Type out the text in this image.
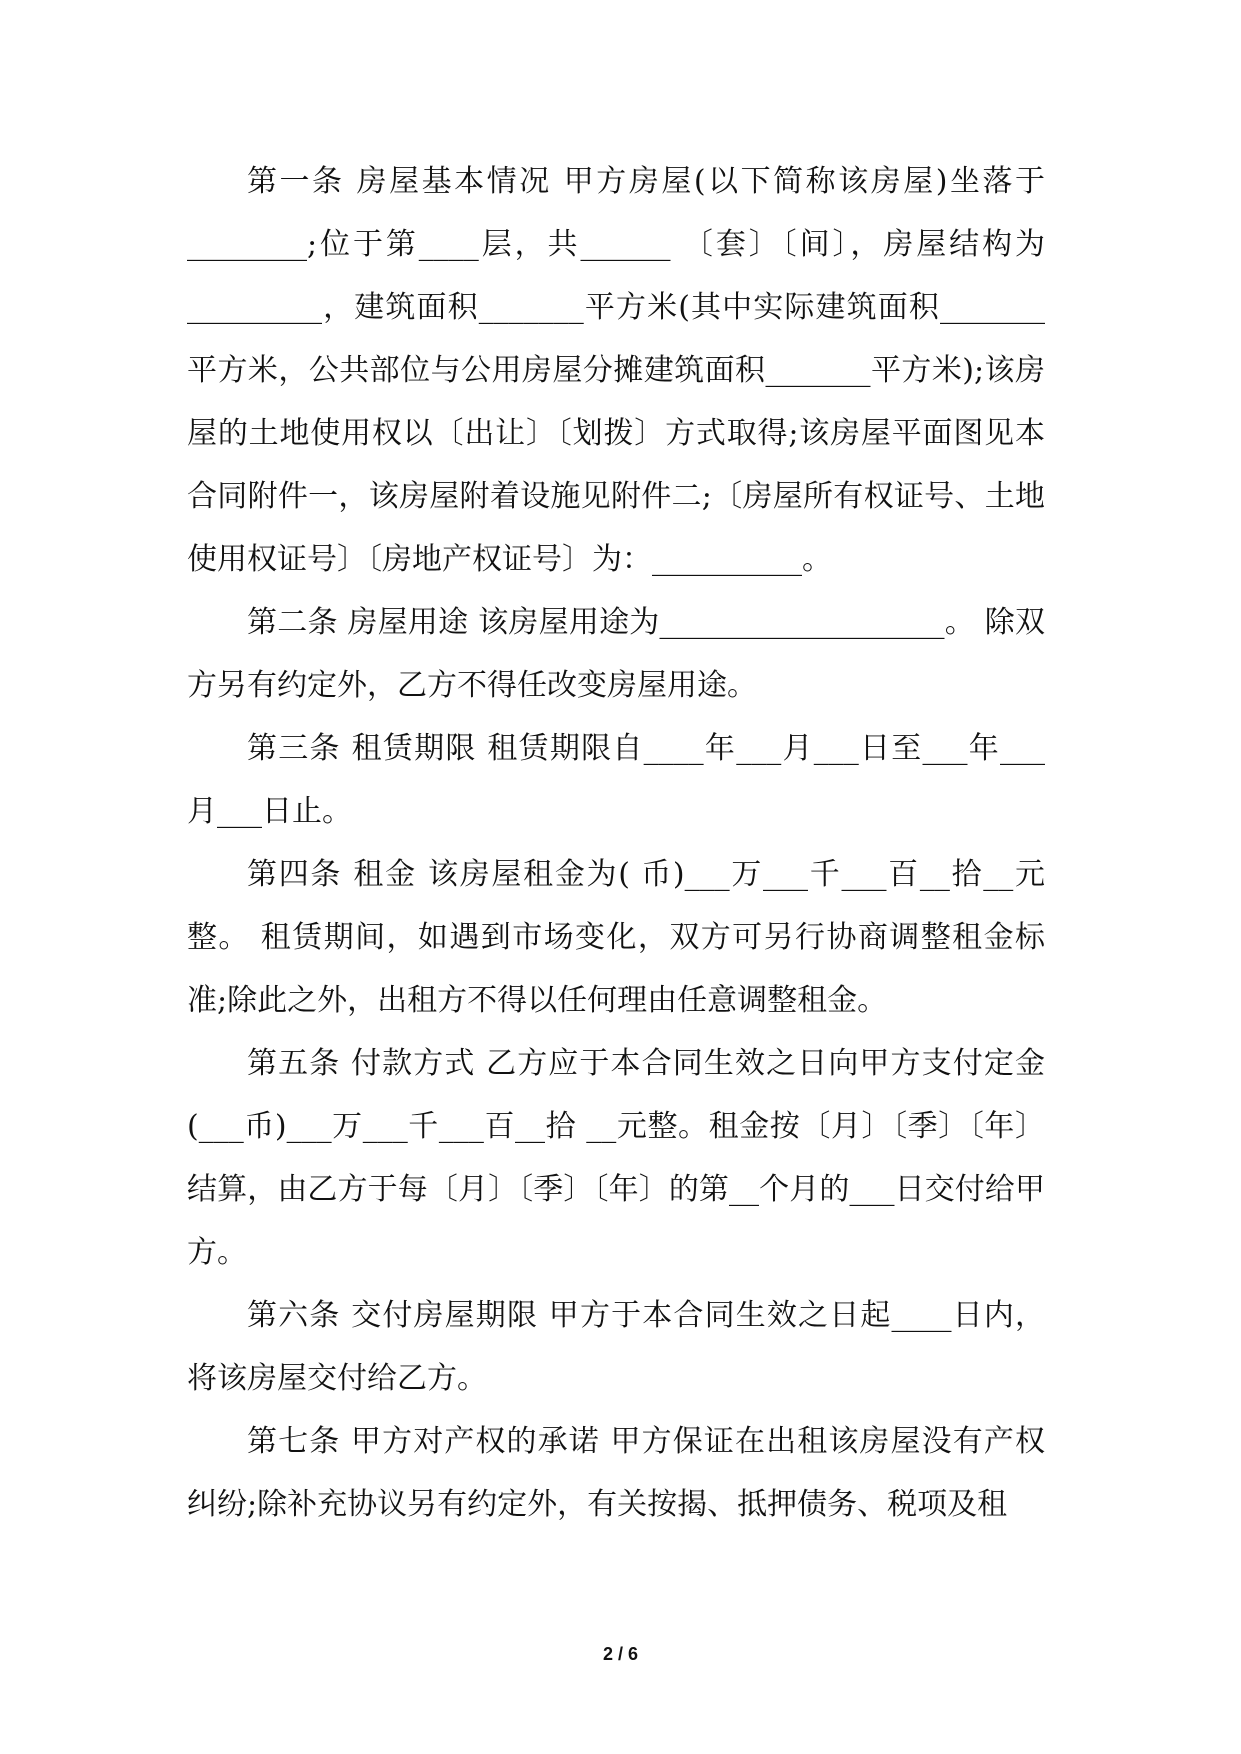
第一条 房屋基本情况 甲方房屋(以下简称该房屋)坐落于________;位于第____层，共______ 〔套〕〔间〕，房屋结构为_________，建筑面积_______平方米(其中实际建筑面积_______平方米，公共部位与公用房屋分摊建筑面积_______平方米);该房屋的土地使用权以〔出让〕〔划拨〕方式取得;该房屋平面图见本合同附件一，该房屋附着设施见附件二;〔房屋所有权证号、土地使用权证号〕〔房地产权证号〕为：__________。

第二条 房屋用途 该房屋用途为___________________。 除双方另有约定外，乙方不得任改变房屋用途。

第三条 租赁期限 租赁期限自____年___月___日至___年___月___日止。

第四条 租金 该房屋租金为( 币)___万___千___百__拾__元整。 租赁期间，如遇到市场变化，双方可另行协商调整租金标准;除此之外，出租方不得以任何理由任意调整租金。

第五条 付款方式 乙方应于本合同生效之日向甲方支付定金(___币)___万___千___百__拾 __元整。租金按〔月〕〔季〕〔年〕结算，由乙方于每〔月〕〔季〕〔年〕的第__个月的___日交付给甲方。

第六条 交付房屋期限 甲方于本合同生效之日起____日内，将该房屋交付给乙方。

第七条 甲方对产权的承诺 甲方保证在出租该房屋没有产权纠纷;除补充协议另有约定外，有关按揭、抵押债务、税项及租

2 / 6
